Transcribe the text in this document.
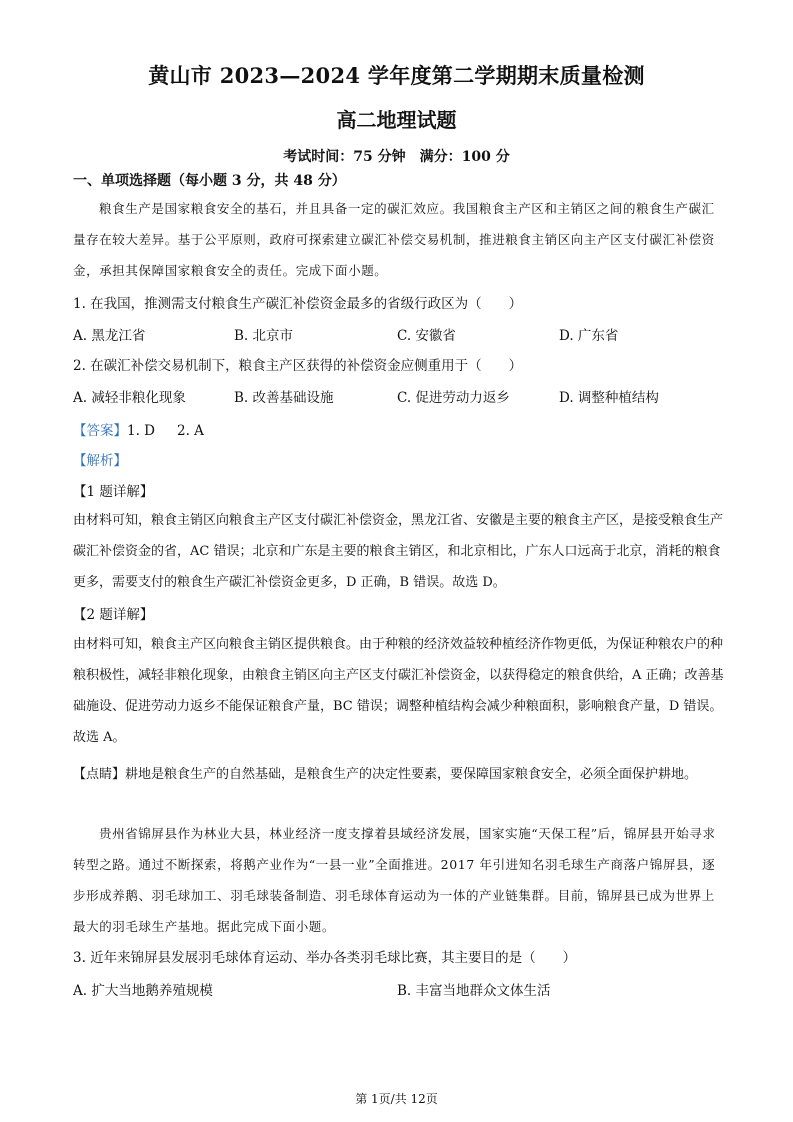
黄山市 2023—2024 学年度第二学期期末质量检测
高二地理试题
考试时间：75 分钟 满分：100 分
一、单项选择题（每小题 3 分，共 48 分）
粮食生产是国家粮食安全的基石，并且具备一定的碳汇效应。我国粮食主产区和主销区之间的粮食生产碳汇量存在较大差异。基于公平原则，政府可探索建立碳汇补偿交易机制，推进粮食主销区向主产区支付碳汇补偿资金，承担其保障国家粮食安全的责任。完成下面小题。
1. 在我国，推测需支付粮食生产碳汇补偿资金最多的省级行政区为（　　）
A. 黑龙江省	B. 北京市	C. 安徽省	D. 广东省
2. 在碳汇补偿交易机制下，粮食主产区获得的补偿资金应侧重用于（　　）
A. 减轻非粮化现象	B. 改善基础设施	C. 促进劳动力返乡	D. 调整种植结构
【答案】1. D 2. A
【解析】
【1 题详解】
由材料可知，粮食主销区向粮食主产区支付碳汇补偿资金，黑龙江省、安徽是主要的粮食主产区，是接受粮食生产碳汇补偿资金的省，AC 错误；北京和广东是主要的粮食主销区，和北京相比，广东人口远高于北京，消耗的粮食更多，需要支付的粮食生产碳汇补偿资金更多，D 正确，B 错误。故选 D。
【2 题详解】
由材料可知，粮食主产区向粮食主销区提供粮食。由于种粮的经济效益较种植经济作物更低，为保证种粮农户的种粮积极性，减轻非粮化现象，由粮食主销区向主产区支付碳汇补偿资金，以获得稳定的粮食供给，A 正确；改善基础施设、促进劳动力返乡不能保证粮食产量，BC 错误；调整种植结构会减少种粮面积，影响粮食产量，D 错误。故选 A。
【点睛】耕地是粮食生产的自然基础，是粮食生产的决定性要素，要保障国家粮食安全，必须全面保护耕地。
贵州省锦屏县作为林业大县，林业经济一度支撑着县域经济发展，国家实施“天保工程”后，锦屏县开始寻求转型之路。通过不断探索，将鹅产业作为“一县一业”全面推进。2017 年引进知名羽毛球生产商落户锦屏县，逐步形成养鹅、羽毛球加工、羽毛球装备制造、羽毛球体育运动为一体的产业链集群。目前，锦屏县已成为世界上最大的羽毛球生产基地。据此完成下面小题。
3. 近年来锦屏县发展羽毛球体育运动、举办各类羽毛球比赛，其主要目的是（　　）
A. 扩大当地鹅养殖规模	B. 丰富当地群众文体生活
第 1页/共 12页
